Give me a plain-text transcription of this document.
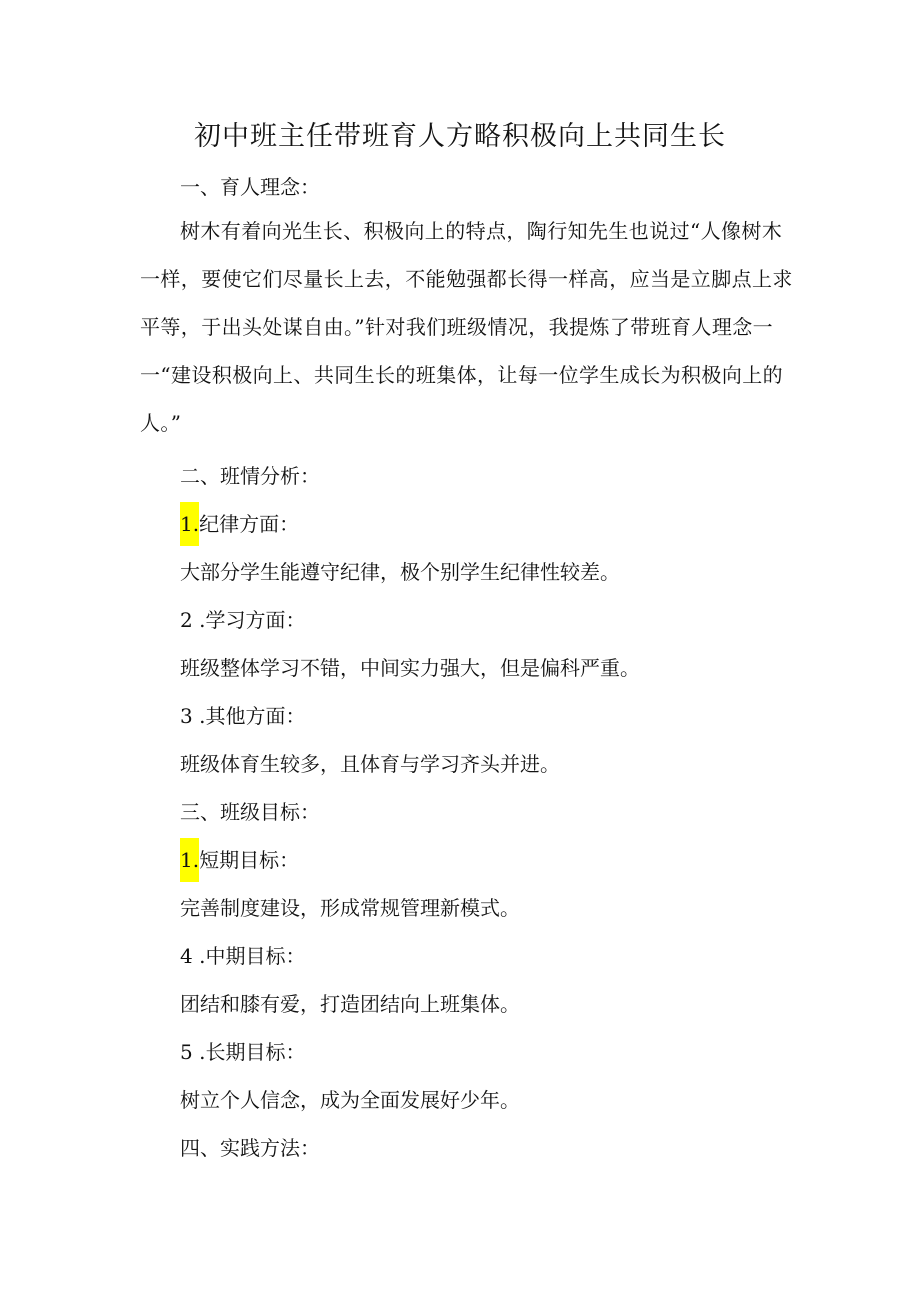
初中班主任带班育人方略积极向上共同生长
一、育人理念：
树木有着向光生长、积极向上的特点，陶行知先生也说过“人像树木
一样，要使它们尽量长上去，不能勉强都长得一样高，应当是立脚点上求
平等，于出头处谋自由。”针对我们班级情况，我提炼了带班育人理念一
一“建设积极向上、共同生长的班集体，让每一位学生成长为积极向上的
人。”
二、班情分析：
1.纪律方面：
大部分学生能遵守纪律，极个别学生纪律性较差。
2 .学习方面：
班级整体学习不错，中间实力强大，但是偏科严重。
3 .其他方面：
班级体育生较多，且体育与学习齐头并进。
三、班级目标：
1.短期目标：
完善制度建设，形成常规管理新模式。
4 .中期目标：
团结和膝有爱，打造团结向上班集体。
5 .长期目标：
树立个人信念，成为全面发展好少年。
四、实践方法：
